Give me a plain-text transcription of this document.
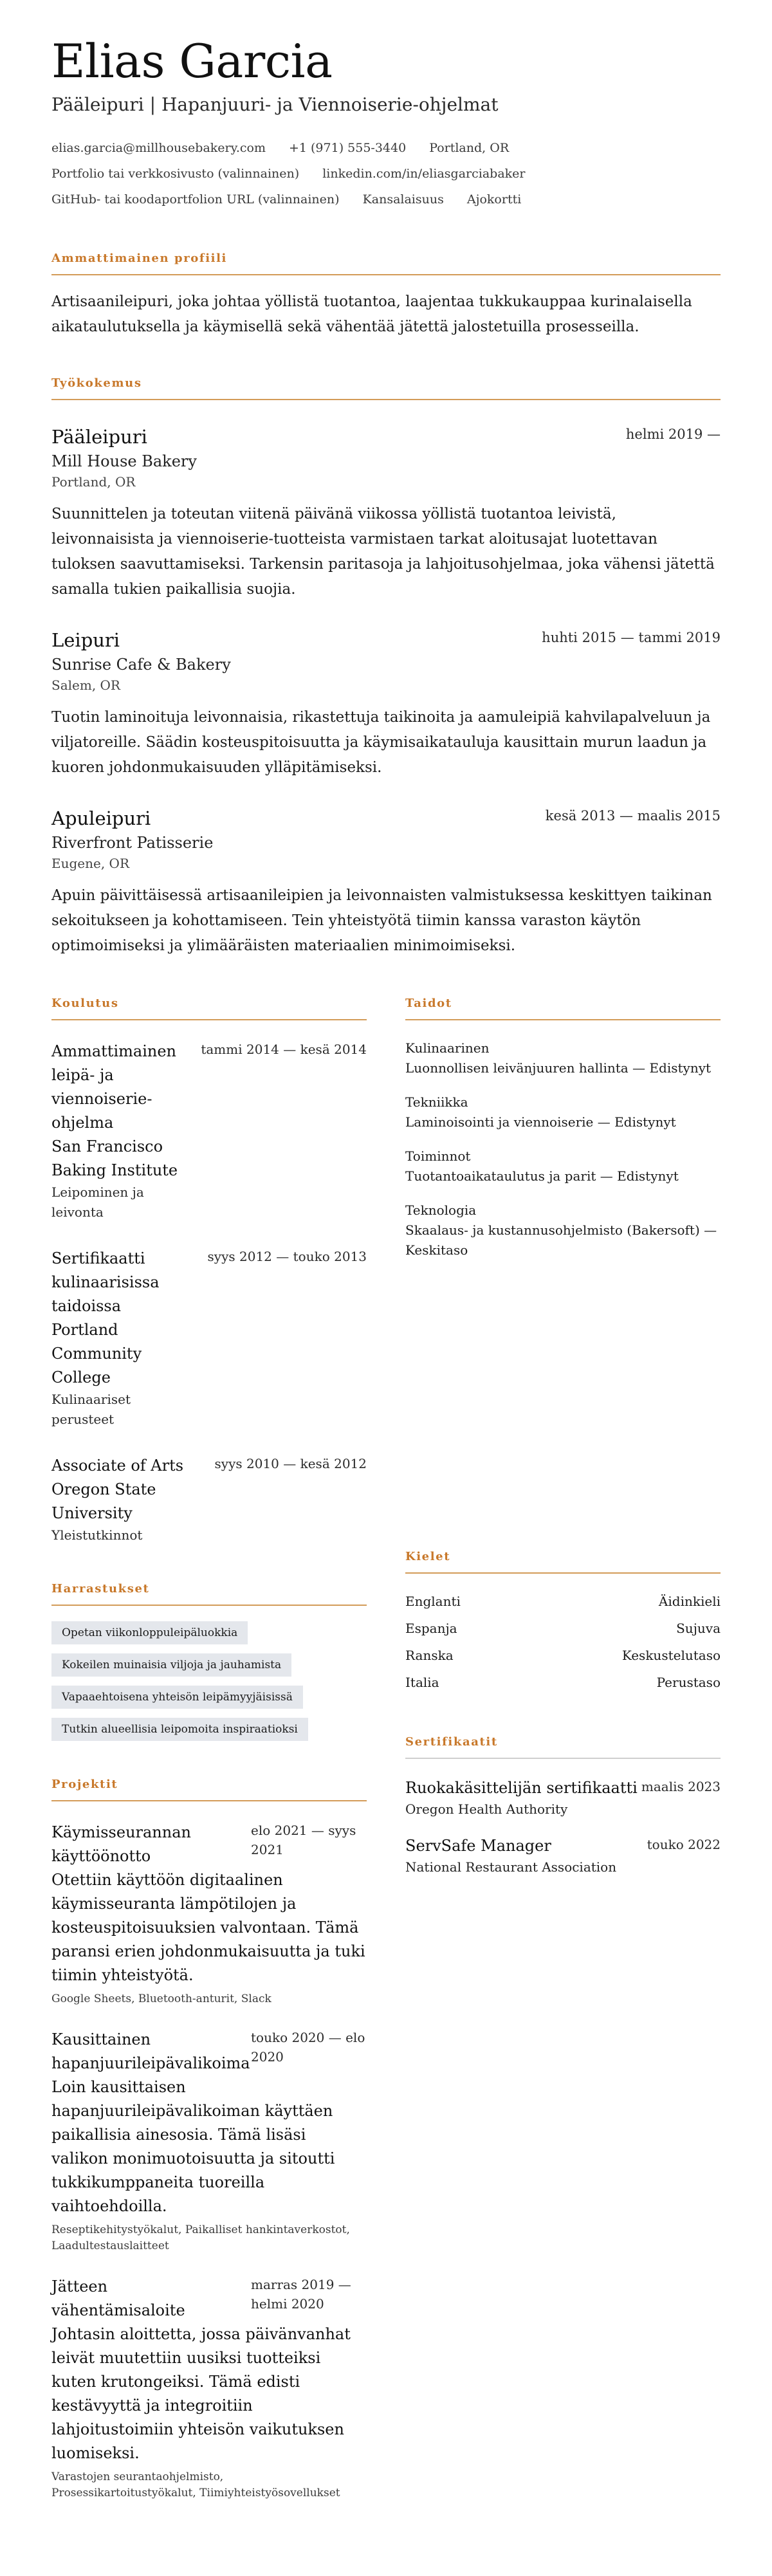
Elias Garcia
Pääleipuri | Hapanjuuri- ja Viennoiserie-ohjelmat
elias.garcia@millhousebakery.com +1 (971) 555-3440 Portland, OR
Portfolio tai verkkosivusto (valinnainen) linkedin.com/in/eliasgarciabaker
GitHub- tai koodaportfolion URL (valinnainen) Kansalaisuus Ajokortti
Ammattimainen profiili

Artisaanileipuri, joka johtaa yöllistä tuotantoa, laajentaa tukkukauppaa kurinalaisella aikataulutuksella ja käymisellä sekä vähentää jätettä jalostetuilla prosesseilla.

Työkokemus
Pääleipuri	helmi 2019 —
Mill House Bakery
Portland, OR

Suunnittelen ja toteutan viitenä päivänä viikossa yöllistä tuotantoa leivistä, leivonnaisista ja viennoiserie-tuotteista varmistaen tarkat aloitusajat luotettavan tuloksen saavuttamiseksi. Tarkensin paritasoja ja lahjoitusohjelmaa, joka vähensi jätettä samalla tukien paikallisia suojia.

Leipuri	huhti 2015 — tammi 2019
Sunrise Cafe & Bakery
Salem, OR

Tuotin laminoituja leivonnaisia, rikastettuja taikinoita ja aamuleipiä kahvilapalveluun ja viljatoreille. Säädin kosteuspitoisuutta ja käymisaikatauluja kausittain murun laadun ja kuoren johdonmukaisuuden ylläpitämiseksi.

Apuleipuri	kesä 2013 — maalis 2015
Riverfront Patisserie
Eugene, OR

Apuin päivittäisessä artisaanileipien ja leivonnaisten valmistuksessa keskittyen taikinan sekoitukseen ja kohottamiseen. Tein yhteistyötä tiimin kanssa varaston käytön optimoimiseksi ja ylimääräisten materiaalien minimoimiseksi.

Koulutus
Ammattimainen leipä- ja viennoiserie-ohjelma
San Francisco Baking Institute
Leipominen ja leivonta
tammi 2014 — kesä 2014
Sertifikaatti kulinaarisissa taidoissa
Portland Community College
Kulinaariset perusteet
syys 2012 — touko 2013
Associate of Arts
Oregon State University
Yleistutkinnot
syys 2010 — kesä 2012
Harrastukset
Opetan viikonloppuleipäluokkia
Kokeilen muinaisia viljoja ja jauhamista
Vapaaehtoisena yhteisön leipämyyjäisissä
Tutkin alueellisia leipomoita inspiraatioksi
Projektit
Käymisseurannan käyttöönotto
elo 2021 — syys 2021

Otettiin käyttöön digitaalinen käymisseuranta lämpötilojen ja kosteuspitoisuuksien valvontaan. Tämä paransi erien johdonmukaisuutta ja tuki tiimin yhteistyötä.

Google Sheets, Bluetooth-anturit, Slack
Kausittainen hapanjuurileipävalikoima
touko 2020 — elo 2020

Loin kausittaisen hapanjuurileipävalikoiman käyttäen paikallisia ainesosia. Tämä lisäsi valikon monimuotoisuutta ja sitoutti tukkikumppaneita tuoreilla vaihtoehdoilla.

Reseptikehitystyökalut, Paikalliset hankintaverkostot, Laadultestauslaitteet
Jätteen vähentämisaloite
marras 2019 — helmi 2020

Johtasin aloittetta, jossa päivänvanhat leivät muutettiin uusiksi tuotteiksi kuten krutongeiksi. Tämä edisti kestävyyttä ja integroitiin lahjoitustoimiin yhteisön vaikutuksen luomiseksi.

Varastojen seurantaohjelmisto, Prosessikartoitustyökalut, Tiimiyhteistyösovellukset
Taidot
Kulinaarinen
Luonnollisen leivänjuuren hallinta — Edistynyt
Tekniikka
Laminoisointi ja viennoiserie — Edistynyt
Toiminnot
Tuotantoaikataulutus ja parit — Edistynyt
Teknologia
Skaalaus- ja kustannusohjelmisto (Bakersoft) — Keskitaso
Kielet
Englanti	Äidinkieli
Espanja	Sujuva
Ranska	Keskustelutaso
Italia	Perustaso
Sertifikaatit
Ruokakäsittelijän sertifikaatti maalis 2023
Oregon Health Authority
ServSafe Manager	touko 2022
National Restaurant Association
